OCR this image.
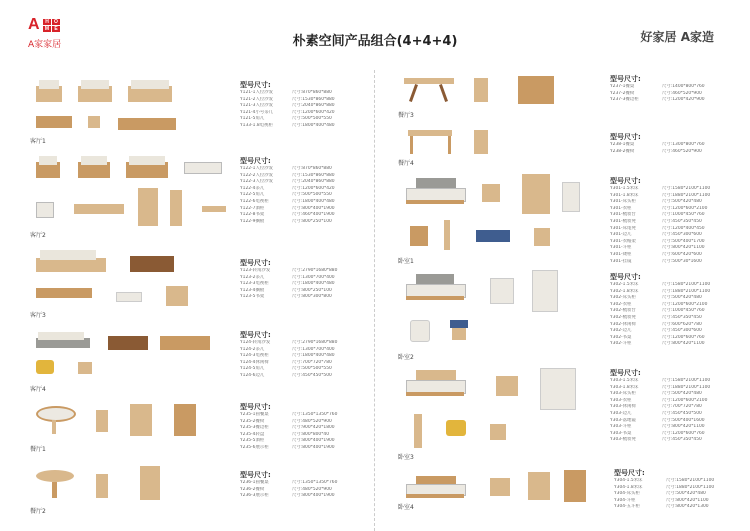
A	H	O
M	E
A家家居	朴素空间产品组合(4+4+4)	好家居 A家造
客厅1
型号尺寸:
Y121-1人位沙发	尺寸:870*860*880
Y121-2人位沙发	尺寸:1530*860*880
Y121-3人位沙发	尺寸:2040*860*880
Y121-4小号茶几	尺寸:1200*600*420
Y121-5角几	尺寸:500*500*550
Y133-1.8电视柜	尺寸:1800*400*480
客厅2
型号尺寸:
Y122-1人位沙发	尺寸:870*860*880
Y122-2人位沙发	尺寸:1530*860*880
Y122-3人位沙发	尺寸:2040*860*880
Y122-4茶几	尺寸:1200*600*420
Y122-5角几	尺寸:500*500*550
Y122-6电视柜	尺寸:1800*400*480
Y122-7酒柜	尺寸:800*400*1900
Y122-8书架	尺寸:460*400*1900
Y122-9搁板	尺寸:800*250*100
客厅3
型号尺寸:
Y123-转角沙发	尺寸:2790*1680*880
Y123-2茶几	尺寸:1300*700*400
Y123-3电视柜	尺寸:1800*400*480
Y123-4搁板	尺寸:800*250*100
Y123-5书架	尺寸:800*300*800
客厅4
型号尺寸:
Y124-转角沙发	尺寸:2790*1680*880
Y124-2茶几	尺寸:1300*700*400
Y124-3电视柜	尺寸:1800*400*480
Y124-4休闲椅	尺寸:700*720*780
Y124-5角几	尺寸:500*500*550
Y124-6边几	尺寸:450*450*500
餐厅1
型号尺寸:
Y235-1圆餐桌	尺寸:1350*1350*760
Y235-2餐椅	尺寸:480*520*900
Y235-3餐边柜	尺寸:900*420*1800
Y235-4转盘	尺寸:800*800*40
Y235-5酒柜	尺寸:800*400*1900
Y235-6展示柜	尺寸:800*400*1900
餐厅2
型号尺寸:
Y236-1圆餐桌	尺寸:1350*1350*760
Y236-2餐椅	尺寸:480*520*900
Y236-3展示柜	尺寸:800*400*1900
餐厅3
型号尺寸:
Y237-1餐桌	尺寸:1400*800*760
Y237-2餐椅	尺寸:460*520*900
Y237-3餐边柜	尺寸:1200*420*900
餐厅4
型号尺寸:
Y238-1餐桌	尺寸:1300*800*760
Y238-2餐椅	尺寸:460*520*900
卧室1
型号尺寸:
Y301-1.5米床	尺寸:1580*2100*1100
Y301-1.8米床	尺寸:1880*2100*1100
Y301-床头柜	尺寸:500*420*480
Y301-衣柜	尺寸:1200*600*2100
Y301-梳妆台	尺寸:1000*450*760
Y301-梳妆凳	尺寸:450*350*450
Y301-床尾凳	尺寸:1200*400*450
Y301-边几	尺寸:450*300*600
Y301-衣帽架	尺寸:500*400*1700
Y301-斗柜	尺寸:800*420*1100
Y301-矮柜	尺寸:600*420*600
Y301-挂镜	尺寸:500*30*1600
卧室2
型号尺寸:
Y302-1.5米床	尺寸:1580*2100*1100
Y302-1.8米床	尺寸:1880*2100*1100
Y302-床头柜	尺寸:500*420*480
Y302-衣柜	尺寸:1200*600*2100
Y302-梳妆台	尺寸:1000*450*760
Y302-梳妆凳	尺寸:450*350*450
Y302-休闲椅	尺寸:600*620*780
Y302-边几	尺寸:450*300*600
Y302-书桌	尺寸:1200*600*760
Y302-斗柜	尺寸:800*420*1100
卧室3
型号尺寸:
Y303-1.5米床	尺寸:1580*2100*1100
Y303-1.8米床	尺寸:1880*2100*1100
Y303-床头柜	尺寸:500*420*480
Y303-衣柜	尺寸:1200*600*2100
Y303-休闲椅	尺寸:700*720*780
Y303-边几	尺寸:450*450*500
Y303-落地镜	尺寸:500*400*1600
Y303-斗柜	尺寸:800*420*1100
Y303-书桌	尺寸:1200*600*760
Y303-梳妆凳	尺寸:450*350*450
卧室4
型号尺寸:
Y304-1.5米床	尺寸:1580*2100*1100
Y304-1.8米床	尺寸:1880*2100*1100
Y304-床头柜	尺寸:500*420*480
Y304-斗柜	尺寸:800*420*1100
Y304-五斗柜	尺寸:800*420*1300
